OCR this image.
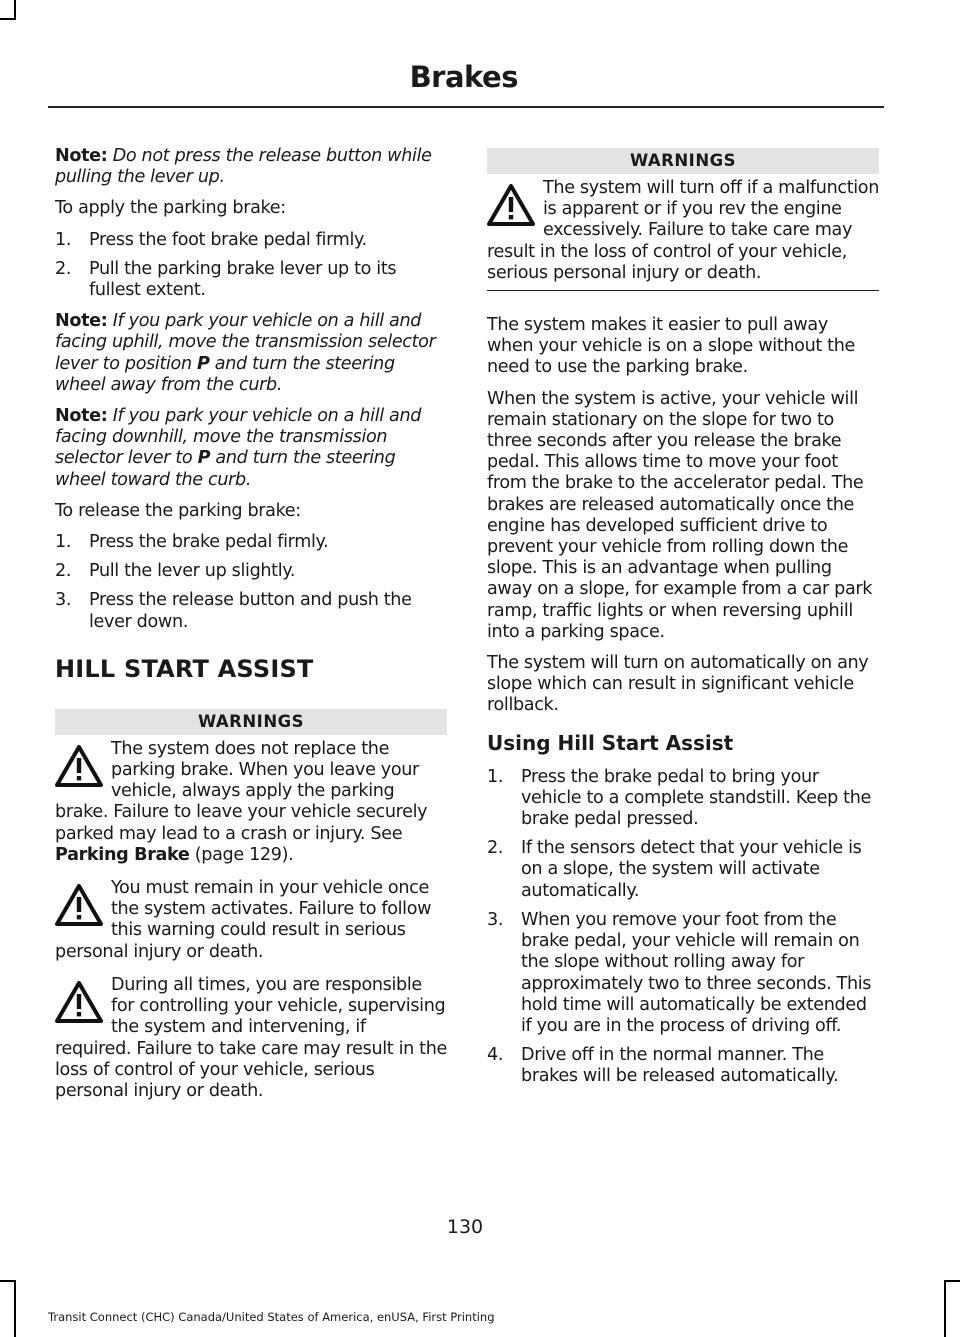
Brakes

Note: Do not press the release button while pulling the lever up.

To apply the parking brake:

1. Press the foot brake pedal firmly.
2. Pull the parking brake lever up to its fullest extent.

Note: If you park your vehicle on a hill and facing uphill, move the transmission selector lever to position P and turn the steering wheel away from the curb.

Note: If you park your vehicle on a hill and facing downhill, move the transmission selector lever to P and turn the steering wheel toward the curb.

To release the parking brake:

1. Press the brake pedal firmly.
2. Pull the lever up slightly.
3. Press the release button and push the lever down.
HILL START ASSIST
WARNINGS
The system does not replace the parking brake. When you leave your vehicle, always apply the parking brake. Failure to leave your vehicle securely parked may lead to a crash or injury. See Parking Brake (page 129).
You must remain in your vehicle once the system activates. Failure to follow this warning could result in serious personal injury or death.
During all times, you are responsible for controlling your vehicle, supervising the system and intervening, if required. Failure to take care may result in the loss of control of your vehicle, serious personal injury or death.
WARNINGS
The system will turn off if a malfunction is apparent or if you rev the engine excessively. Failure to take care may result in the loss of control of your vehicle, serious personal injury or death.

The system makes it easier to pull away when your vehicle is on a slope without the need to use the parking brake.

When the system is active, your vehicle will remain stationary on the slope for two to three seconds after you release the brake pedal. This allows time to move your foot from the brake to the accelerator pedal. The brakes are released automatically once the engine has developed sufficient drive to prevent your vehicle from rolling down the slope. This is an advantage when pulling away on a slope, for example from a car park ramp, traffic lights or when reversing uphill into a parking space.

The system will turn on automatically on any slope which can result in significant vehicle rollback.

Using Hill Start Assist
1. Press the brake pedal to bring your vehicle to a complete standstill. Keep the brake pedal pressed.
2. If the sensors detect that your vehicle is on a slope, the system will activate automatically.
3. When you remove your foot from the brake pedal, your vehicle will remain on the slope without rolling away for approximately two to three seconds. This hold time will automatically be extended if you are in the process of driving off.
4. Drive off in the normal manner. The brakes will be released automatically.
130
Transit Connect (CHC) Canada/United States of America, enUSA, First Printing
